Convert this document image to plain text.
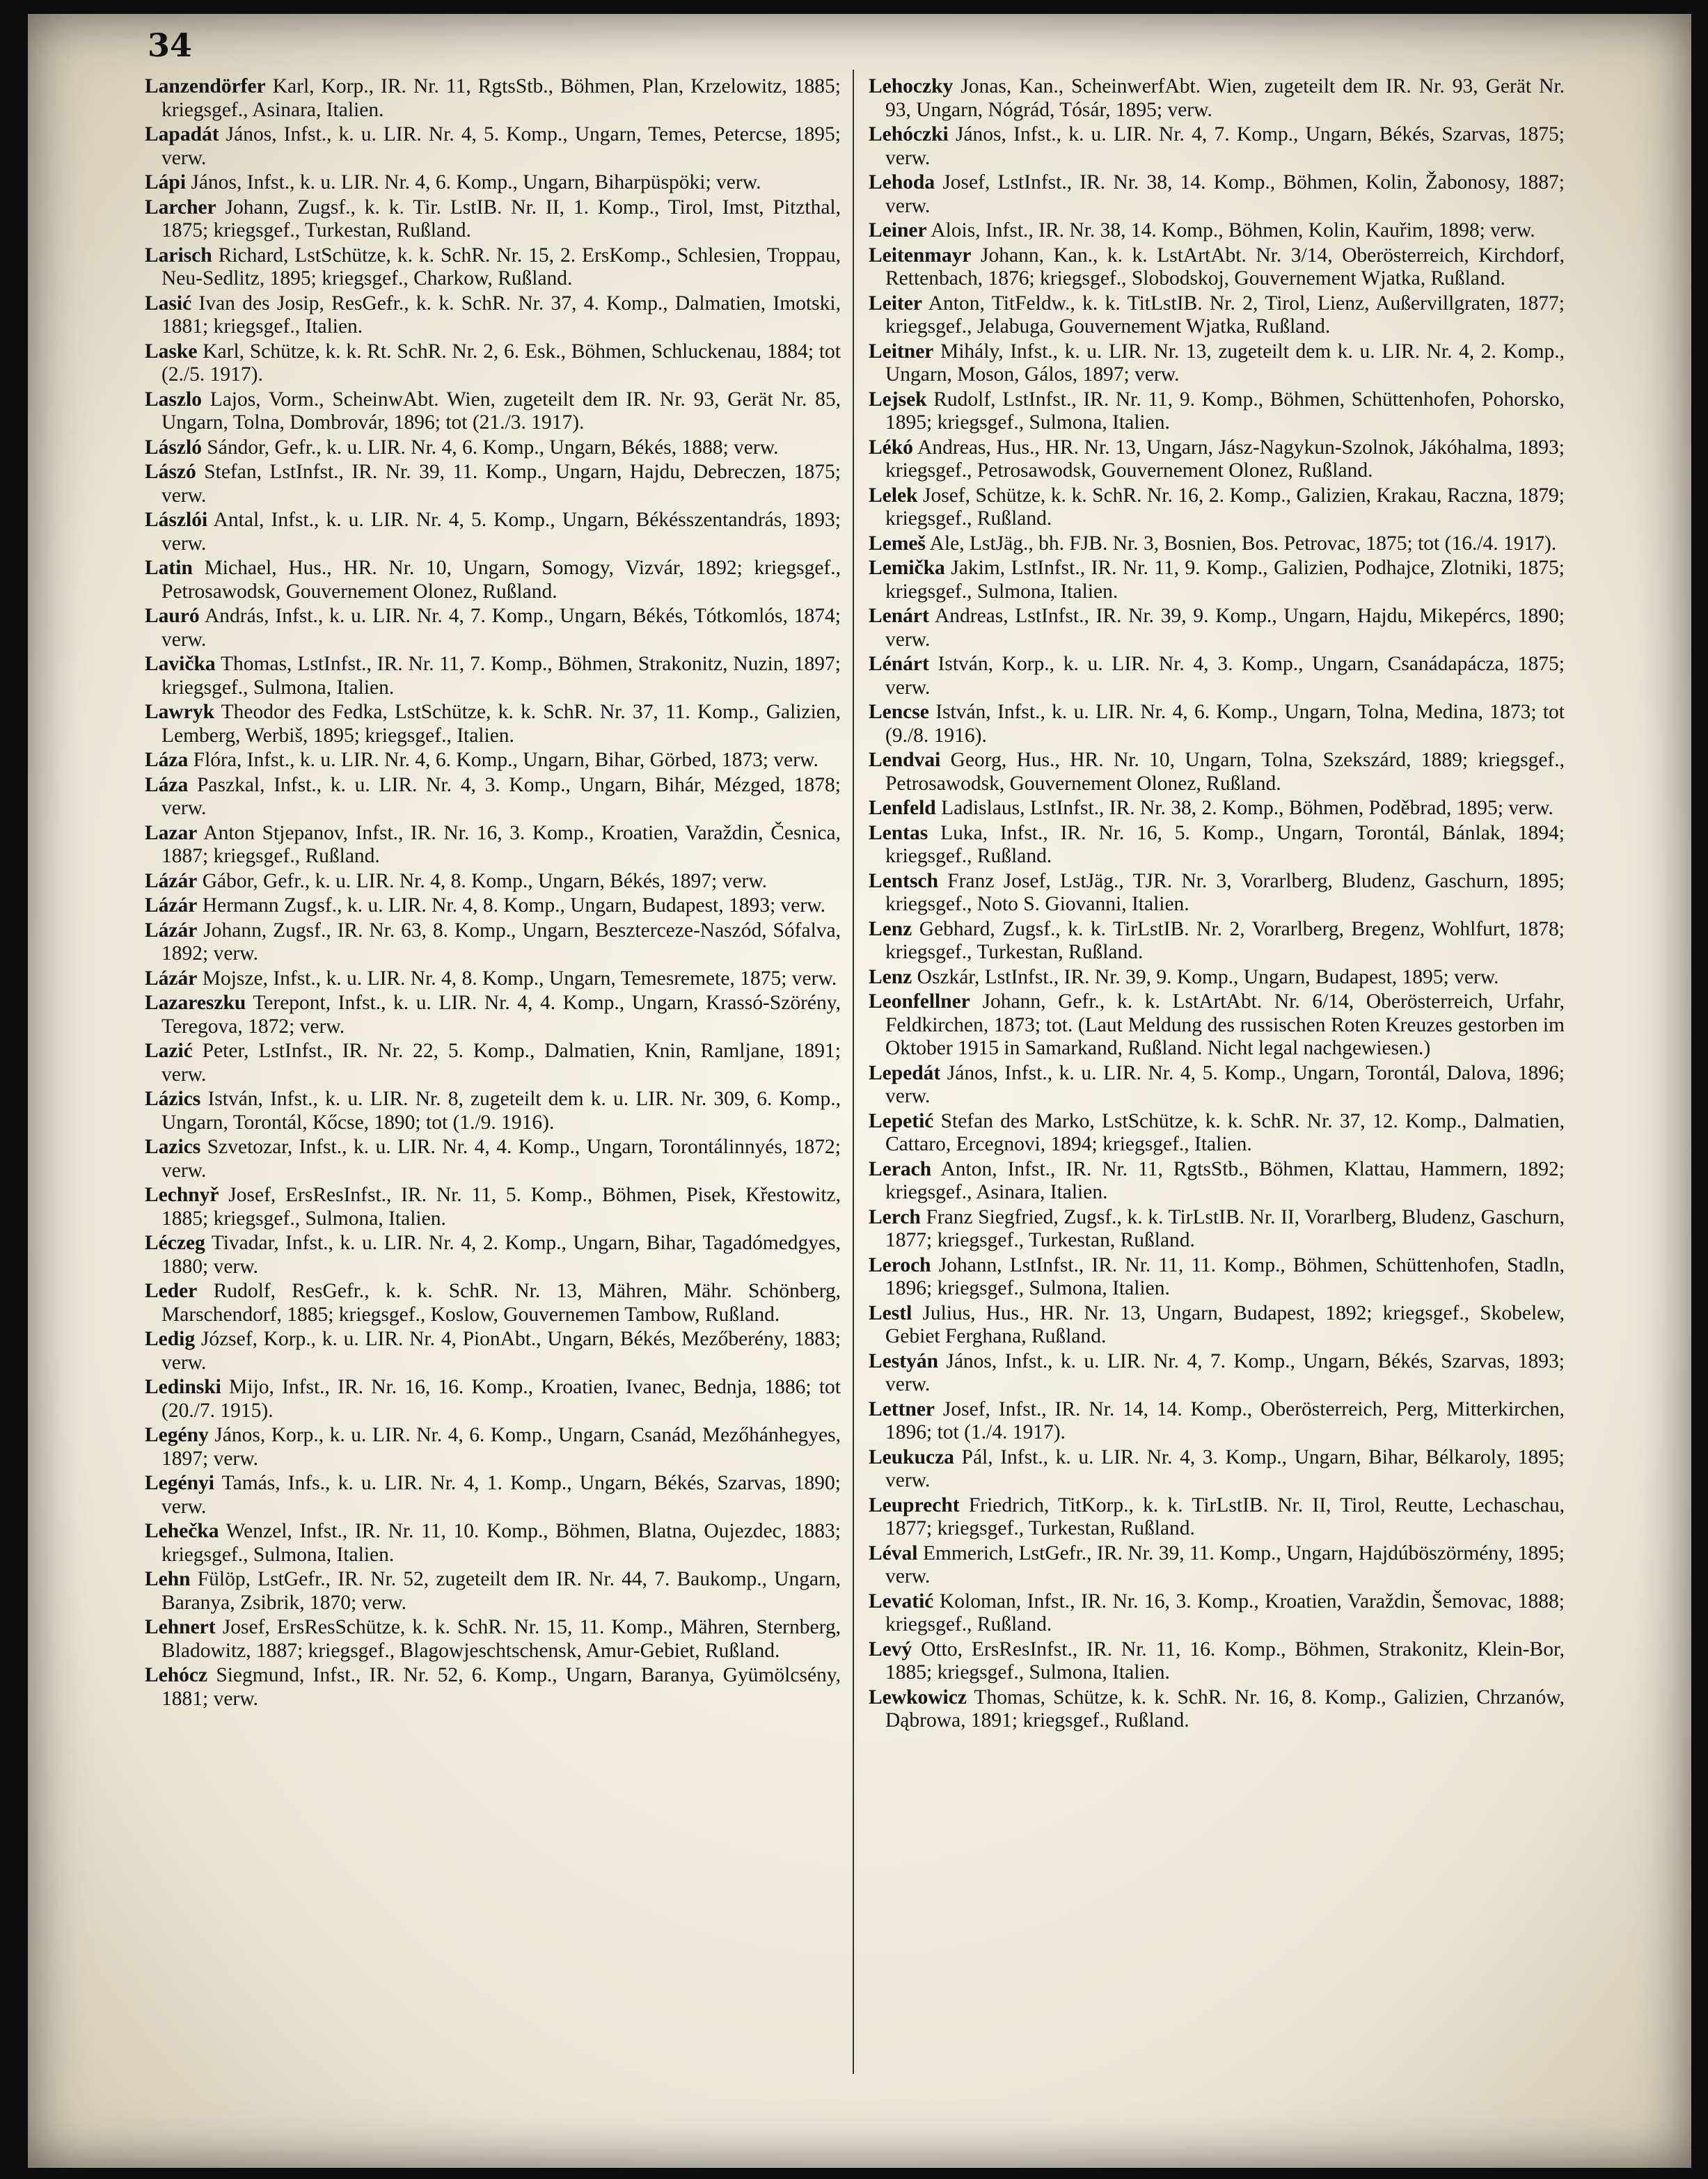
34

Lanzendörfer Karl, Korp., IR. Nr. 11, RgtsStb., Böhmen, Plan, Krzelowitz, 1885; kriegsgef., Asinara, Italien.

Lapadát János, Infst., k. u. LIR. Nr. 4, 5. Komp., Ungarn, Temes, Petercse, 1895; verw.

Lápi János, Infst., k. u. LIR. Nr. 4, 6. Komp., Ungarn, Biharpüspöki; verw.

Larcher Johann, Zugsf., k. k. Tir. LstIB. Nr. II, 1. Komp., Tirol, Imst, Pitzthal, 1875; kriegsgef., Turkestan, Rußland.

Larisch Richard, LstSchütze, k. k. SchR. Nr. 15, 2. ErsKomp., Schlesien, Troppau, Neu-Sedlitz, 1895; kriegsgef., Charkow, Rußland.

Lasić Ivan des Josip, ResGefr., k. k. SchR. Nr. 37, 4. Komp., Dalmatien, Imotski, 1881; kriegsgef., Italien.

Laske Karl, Schütze, k. k. Rt. SchR. Nr. 2, 6. Esk., Böhmen, Schluckenau, 1884; tot (2./5. 1917).

Laszlo Lajos, Vorm., ScheinwAbt. Wien, zugeteilt dem IR. Nr. 93, Gerät Nr. 85, Ungarn, Tolna, Dombrovár, 1896; tot (21./3. 1917).

László Sándor, Gefr., k. u. LIR. Nr. 4, 6. Komp., Ungarn, Békés, 1888; verw.

Lászó Stefan, LstInfst., IR. Nr. 39, 11. Komp., Ungarn, Hajdu, Debreczen, 1875; verw.

Lászlói Antal, Infst., k. u. LIR. Nr. 4, 5. Komp., Ungarn, Békésszentandrás, 1893; verw.

Latin Michael, Hus., HR. Nr. 10, Ungarn, Somogy, Vizvár, 1892; kriegsgef., Petrosawodsk, Gouvernement Olonez, Rußland.

Lauró András, Infst., k. u. LIR. Nr. 4, 7. Komp., Ungarn, Békés, Tótkomlós, 1874; verw.

Lavička Thomas, LstInfst., IR. Nr. 11, 7. Komp., Böhmen, Strakonitz, Nuzin, 1897; kriegsgef., Sulmona, Italien.

Lawryk Theodor des Fedka, LstSchütze, k. k. SchR. Nr. 37, 11. Komp., Galizien, Lemberg, Werbiš, 1895; kriegsgef., Italien.

Láza Flóra, Infst., k. u. LIR. Nr. 4, 6. Komp., Ungarn, Bihar, Görbed, 1873; verw.

Láza Paszkal, Infst., k. u. LIR. Nr. 4, 3. Komp., Ungarn, Bihár, Mézged, 1878; verw.

Lazar Anton Stjepanov, Infst., IR. Nr. 16, 3. Komp., Kroatien, Varaždin, Česnica, 1887; kriegsgef., Rußland.

Lázár Gábor, Gefr., k. u. LIR. Nr. 4, 8. Komp., Ungarn, Békés, 1897; verw.

Lázár Hermann Zugsf., k. u. LIR. Nr. 4, 8. Komp., Ungarn, Budapest, 1893; verw.

Lázár Johann, Zugsf., IR. Nr. 63, 8. Komp., Ungarn, Beszterceze-Naszód, Sófalva, 1892; verw.

Lázár Mojsze, Infst., k. u. LIR. Nr. 4, 8. Komp., Ungarn, Temesremete, 1875; verw.

Lazareszku Terepont, Infst., k. u. LIR. Nr. 4, 4. Komp., Ungarn, Krassó-Szörény, Teregova, 1872; verw.

Lazić Peter, LstInfst., IR. Nr. 22, 5. Komp., Dalmatien, Knin, Ramljane, 1891; verw.

Lázics István, Infst., k. u. LIR. Nr. 8, zugeteilt dem k. u. LIR. Nr. 309, 6. Komp., Ungarn, Torontál, Kőcse, 1890; tot (1./9. 1916).

Lazics Szvetozar, Infst., k. u. LIR. Nr. 4, 4. Komp., Ungarn, Torontálinnyés, 1872; verw.

Lechnyř Josef, ErsResInfst., IR. Nr. 11, 5. Komp., Böhmen, Pisek, Křestowitz, 1885; kriegsgef., Sulmona, Italien.

Léczeg Tivadar, Infst., k. u. LIR. Nr. 4, 2. Komp., Ungarn, Bihar, Tagadómedgyes, 1880; verw.

Leder Rudolf, ResGefr., k. k. SchR. Nr. 13, Mähren, Mähr. Schönberg, Marschendorf, 1885; kriegsgef., Koslow, Gouvernemen Tambow, Rußland.

Ledig József, Korp., k. u. LIR. Nr. 4, PionAbt., Ungarn, Békés, Mezőberény, 1883; verw.

Ledinski Mijo, Infst., IR. Nr. 16, 16. Komp., Kroatien, Ivanec, Bednja, 1886; tot (20./7. 1915).

Legény János, Korp., k. u. LIR. Nr. 4, 6. Komp., Ungarn, Csanád, Mezőhánhegyes, 1897; verw.

Legényi Tamás, Infs., k. u. LIR. Nr. 4, 1. Komp., Ungarn, Békés, Szarvas, 1890; verw.

Lehečka Wenzel, Infst., IR. Nr. 11, 10. Komp., Böhmen, Blatna, Oujezdec, 1883; kriegsgef., Sulmona, Italien.

Lehn Fülöp, LstGefr., IR. Nr. 52, zugeteilt dem IR. Nr. 44, 7. Baukomp., Ungarn, Baranya, Zsibrik, 1870; verw.

Lehnert Josef, ErsResSchütze, k. k. SchR. Nr. 15, 11. Komp., Mähren, Sternberg, Bladowitz, 1887; kriegsgef., Blagowjeschtschensk, Amur-Gebiet, Rußland.

Lehócz Siegmund, Infst., IR. Nr. 52, 6. Komp., Ungarn, Baranya, Gyümölcsény, 1881; verw.

Lehoczky Jonas, Kan., ScheinwerfAbt. Wien, zugeteilt dem IR. Nr. 93, Gerät Nr. 93, Ungarn, Nógrád, Tósár, 1895; verw.

Lehóczki János, Infst., k. u. LIR. Nr. 4, 7. Komp., Ungarn, Békés, Szarvas, 1875; verw.

Lehoda Josef, LstInfst., IR. Nr. 38, 14. Komp., Böhmen, Kolin, Žabonosy, 1887; verw.

Leiner Alois, Infst., IR. Nr. 38, 14. Komp., Böhmen, Kolin, Kauřim, 1898; verw.

Leitenmayr Johann, Kan., k. k. LstArtAbt. Nr. 3/14, Oberösterreich, Kirchdorf, Rettenbach, 1876; kriegsgef., Slobodskoj, Gouvernement Wjatka, Rußland.

Leiter Anton, TitFeldw., k. k. TitLstIB. Nr. 2, Tirol, Lienz, Außervillgraten, 1877; kriegsgef., Jelabuga, Gouvernement Wjatka, Rußland.

Leitner Mihály, Infst., k. u. LIR. Nr. 13, zugeteilt dem k. u. LIR. Nr. 4, 2. Komp., Ungarn, Moson, Gálos, 1897; verw.

Lejsek Rudolf, LstInfst., IR. Nr. 11, 9. Komp., Böhmen, Schüttenhofen, Pohorsko, 1895; kriegsgef., Sulmona, Italien.

Lékó Andreas, Hus., HR. Nr. 13, Ungarn, Jász-Nagykun-Szolnok, Jákóhalma, 1893; kriegsgef., Petrosawodsk, Gouvernement Olonez, Rußland.

Lelek Josef, Schütze, k. k. SchR. Nr. 16, 2. Komp., Galizien, Krakau, Raczna, 1879; kriegsgef., Rußland.

Lemeš Ale, LstJäg., bh. FJB. Nr. 3, Bosnien, Bos. Petrovac, 1875; tot (16./4. 1917).

Lemička Jakim, LstInfst., IR. Nr. 11, 9. Komp., Galizien, Podhajce, Zlotniki, 1875; kriegsgef., Sulmona, Italien.

Lenárt Andreas, LstInfst., IR. Nr. 39, 9. Komp., Ungarn, Hajdu, Mikepércs, 1890; verw.

Lénárt István, Korp., k. u. LIR. Nr. 4, 3. Komp., Ungarn, Csanádapácza, 1875; verw.

Lencse István, Infst., k. u. LIR. Nr. 4, 6. Komp., Ungarn, Tolna, Medina, 1873; tot (9./8. 1916).

Lendvai Georg, Hus., HR. Nr. 10, Ungarn, Tolna, Szekszárd, 1889; kriegsgef., Petrosawodsk, Gouvernement Olonez, Rußland.

Lenfeld Ladislaus, LstInfst., IR. Nr. 38, 2. Komp., Böhmen, Poděbrad, 1895; verw.

Lentas Luka, Infst., IR. Nr. 16, 5. Komp., Ungarn, Torontál, Bánlak, 1894; kriegsgef., Rußland.

Lentsch Franz Josef, LstJäg., TJR. Nr. 3, Vorarlberg, Bludenz, Gaschurn, 1895; kriegsgef., Noto S. Giovanni, Italien.

Lenz Gebhard, Zugsf., k. k. TirLstIB. Nr. 2, Vorarlberg, Bregenz, Wohlfurt, 1878; kriegsgef., Turkestan, Rußland.

Lenz Oszkár, LstInfst., IR. Nr. 39, 9. Komp., Ungarn, Budapest, 1895; verw.

Leonfellner Johann, Gefr., k. k. LstArtAbt. Nr. 6/14, Oberösterreich, Urfahr, Feldkirchen, 1873; tot. (Laut Meldung des russischen Roten Kreuzes gestorben im Oktober 1915 in Samarkand, Rußland. Nicht legal nachgewiesen.)

Lepedát János, Infst., k. u. LIR. Nr. 4, 5. Komp., Ungarn, Torontál, Dalova, 1896; verw.

Lepetić Stefan des Marko, LstSchütze, k. k. SchR. Nr. 37, 12. Komp., Dalmatien, Cattaro, Ercegnovi, 1894; kriegsgef., Italien.

Lerach Anton, Infst., IR. Nr. 11, RgtsStb., Böhmen, Klattau, Hammern, 1892; kriegsgef., Asinara, Italien.

Lerch Franz Siegfried, Zugsf., k. k. TirLstIB. Nr. II, Vorarlberg, Bludenz, Gaschurn, 1877; kriegsgef., Turkestan, Rußland.

Leroch Johann, LstInfst., IR. Nr. 11, 11. Komp., Böhmen, Schüttenhofen, Stadln, 1896; kriegsgef., Sulmona, Italien.

Lestl Julius, Hus., HR. Nr. 13, Ungarn, Budapest, 1892; kriegsgef., Skobelew, Gebiet Ferghana, Rußland.

Lestyán János, Infst., k. u. LIR. Nr. 4, 7. Komp., Ungarn, Békés, Szarvas, 1893; verw.

Lettner Josef, Infst., IR. Nr. 14, 14. Komp., Oberösterreich, Perg, Mitterkirchen, 1896; tot (1./4. 1917).

Leukucza Pál, Infst., k. u. LIR. Nr. 4, 3. Komp., Ungarn, Bihar, Bélkaroly, 1895; verw.

Leuprecht Friedrich, TitKorp., k. k. TirLstIB. Nr. II, Tirol, Reutte, Lechaschau, 1877; kriegsgef., Turkestan, Rußland.

Léval Emmerich, LstGefr., IR. Nr. 39, 11. Komp., Ungarn, Hajdúböszörmény, 1895; verw.

Levatić Koloman, Infst., IR. Nr. 16, 3. Komp., Kroatien, Varaždin, Šemovac, 1888; kriegsgef., Rußland.

Levý Otto, ErsResInfst., IR. Nr. 11, 16. Komp., Böhmen, Strakonitz, Klein-Bor, 1885; kriegsgef., Sulmona, Italien.

Lewkowicz Thomas, Schütze, k. k. SchR. Nr. 16, 8. Komp., Galizien, Chrzanów, Dąbrowa, 1891; kriegsgef., Rußland.
